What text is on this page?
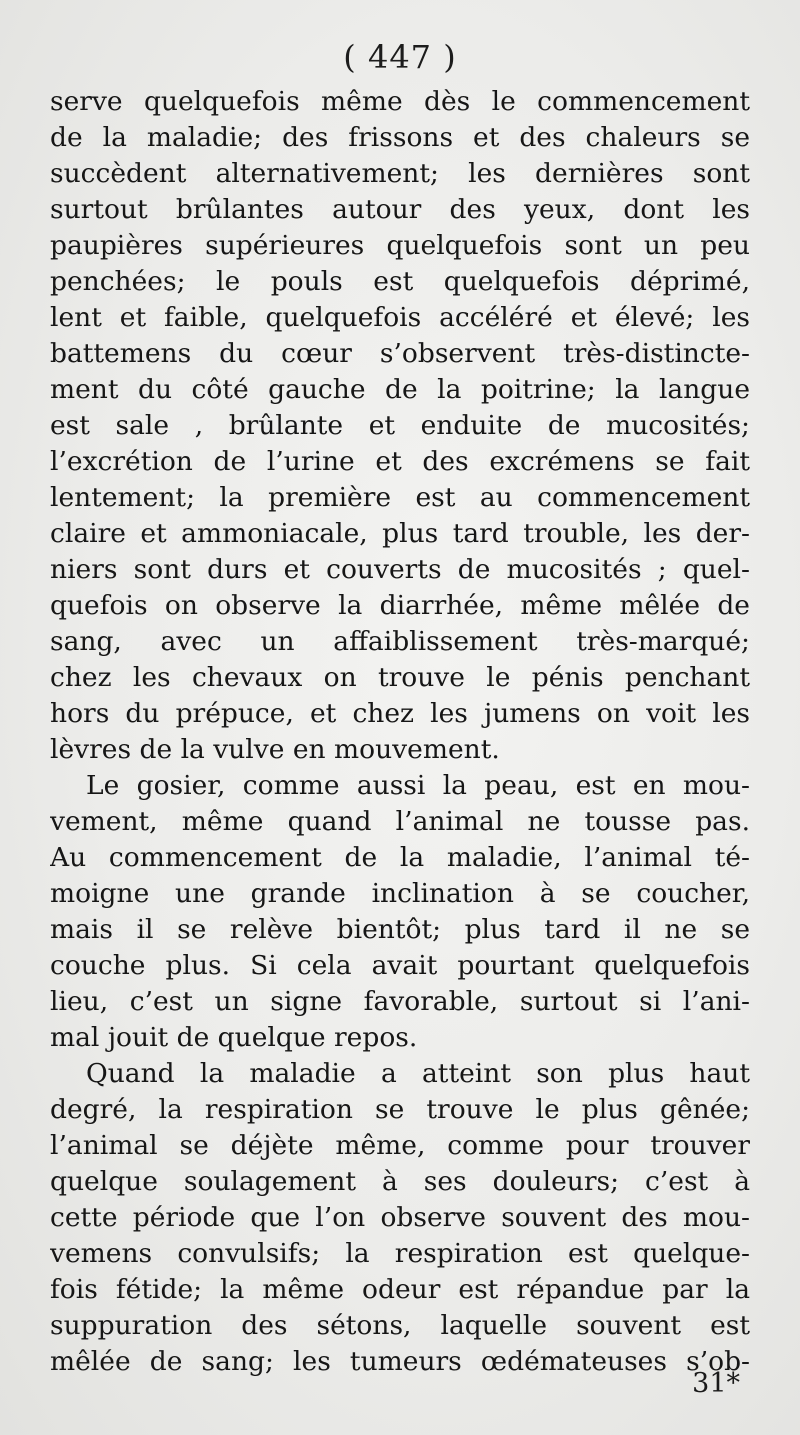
( 447 )
serve quelquefois même dès le commencement
de la maladie; des frissons et des chaleurs se
succèdent alternativement; les dernières sont
surtout brûlantes autour des yeux, dont les
paupières supérieures quelquefois sont un peu
penchées; le pouls est quelquefois déprimé,
lent et faible, quelquefois accéléré et élevé; les
battemens du cœur s’observent très-distincte-
ment du côté gauche de la poitrine; la langue
est sale , brûlante et enduite de mucosités;
l’excrétion de l’urine et des excrémens se fait
lentement; la première est au commencement
claire et ammoniacale, plus tard trouble, les der-
niers sont durs et couverts de mucosités ; quel-
quefois on observe la diarrhée, même mêlée de
sang, avec un affaiblissement très-marqué;
chez les chevaux on trouve le pénis penchant
hors du prépuce, et chez les jumens on voit les
lèvres de la vulve en mouvement.
Le gosier, comme aussi la peau, est en mou-
vement, même quand l’animal ne tousse pas.
Au commencement de la maladie, l’animal té-
moigne une grande inclination à se coucher,
mais il se relève bientôt; plus tard il ne se
couche plus. Si cela avait pourtant quelquefois
lieu, c’est un signe favorable, surtout si l’ani-
mal jouit de quelque repos.
Quand la maladie a atteint son plus haut
degré, la respiration se trouve le plus gênée;
l’animal se déjète même, comme pour trouver
quelque soulagement à ses douleurs; c’est à
cette période que l’on observe souvent des mou-
vemens convulsifs; la respiration est quelque-
fois fétide; la même odeur est répandue par la
suppuration des sétons, laquelle souvent est
mêlée de sang; les tumeurs œdémateuses s’ob-
31*
